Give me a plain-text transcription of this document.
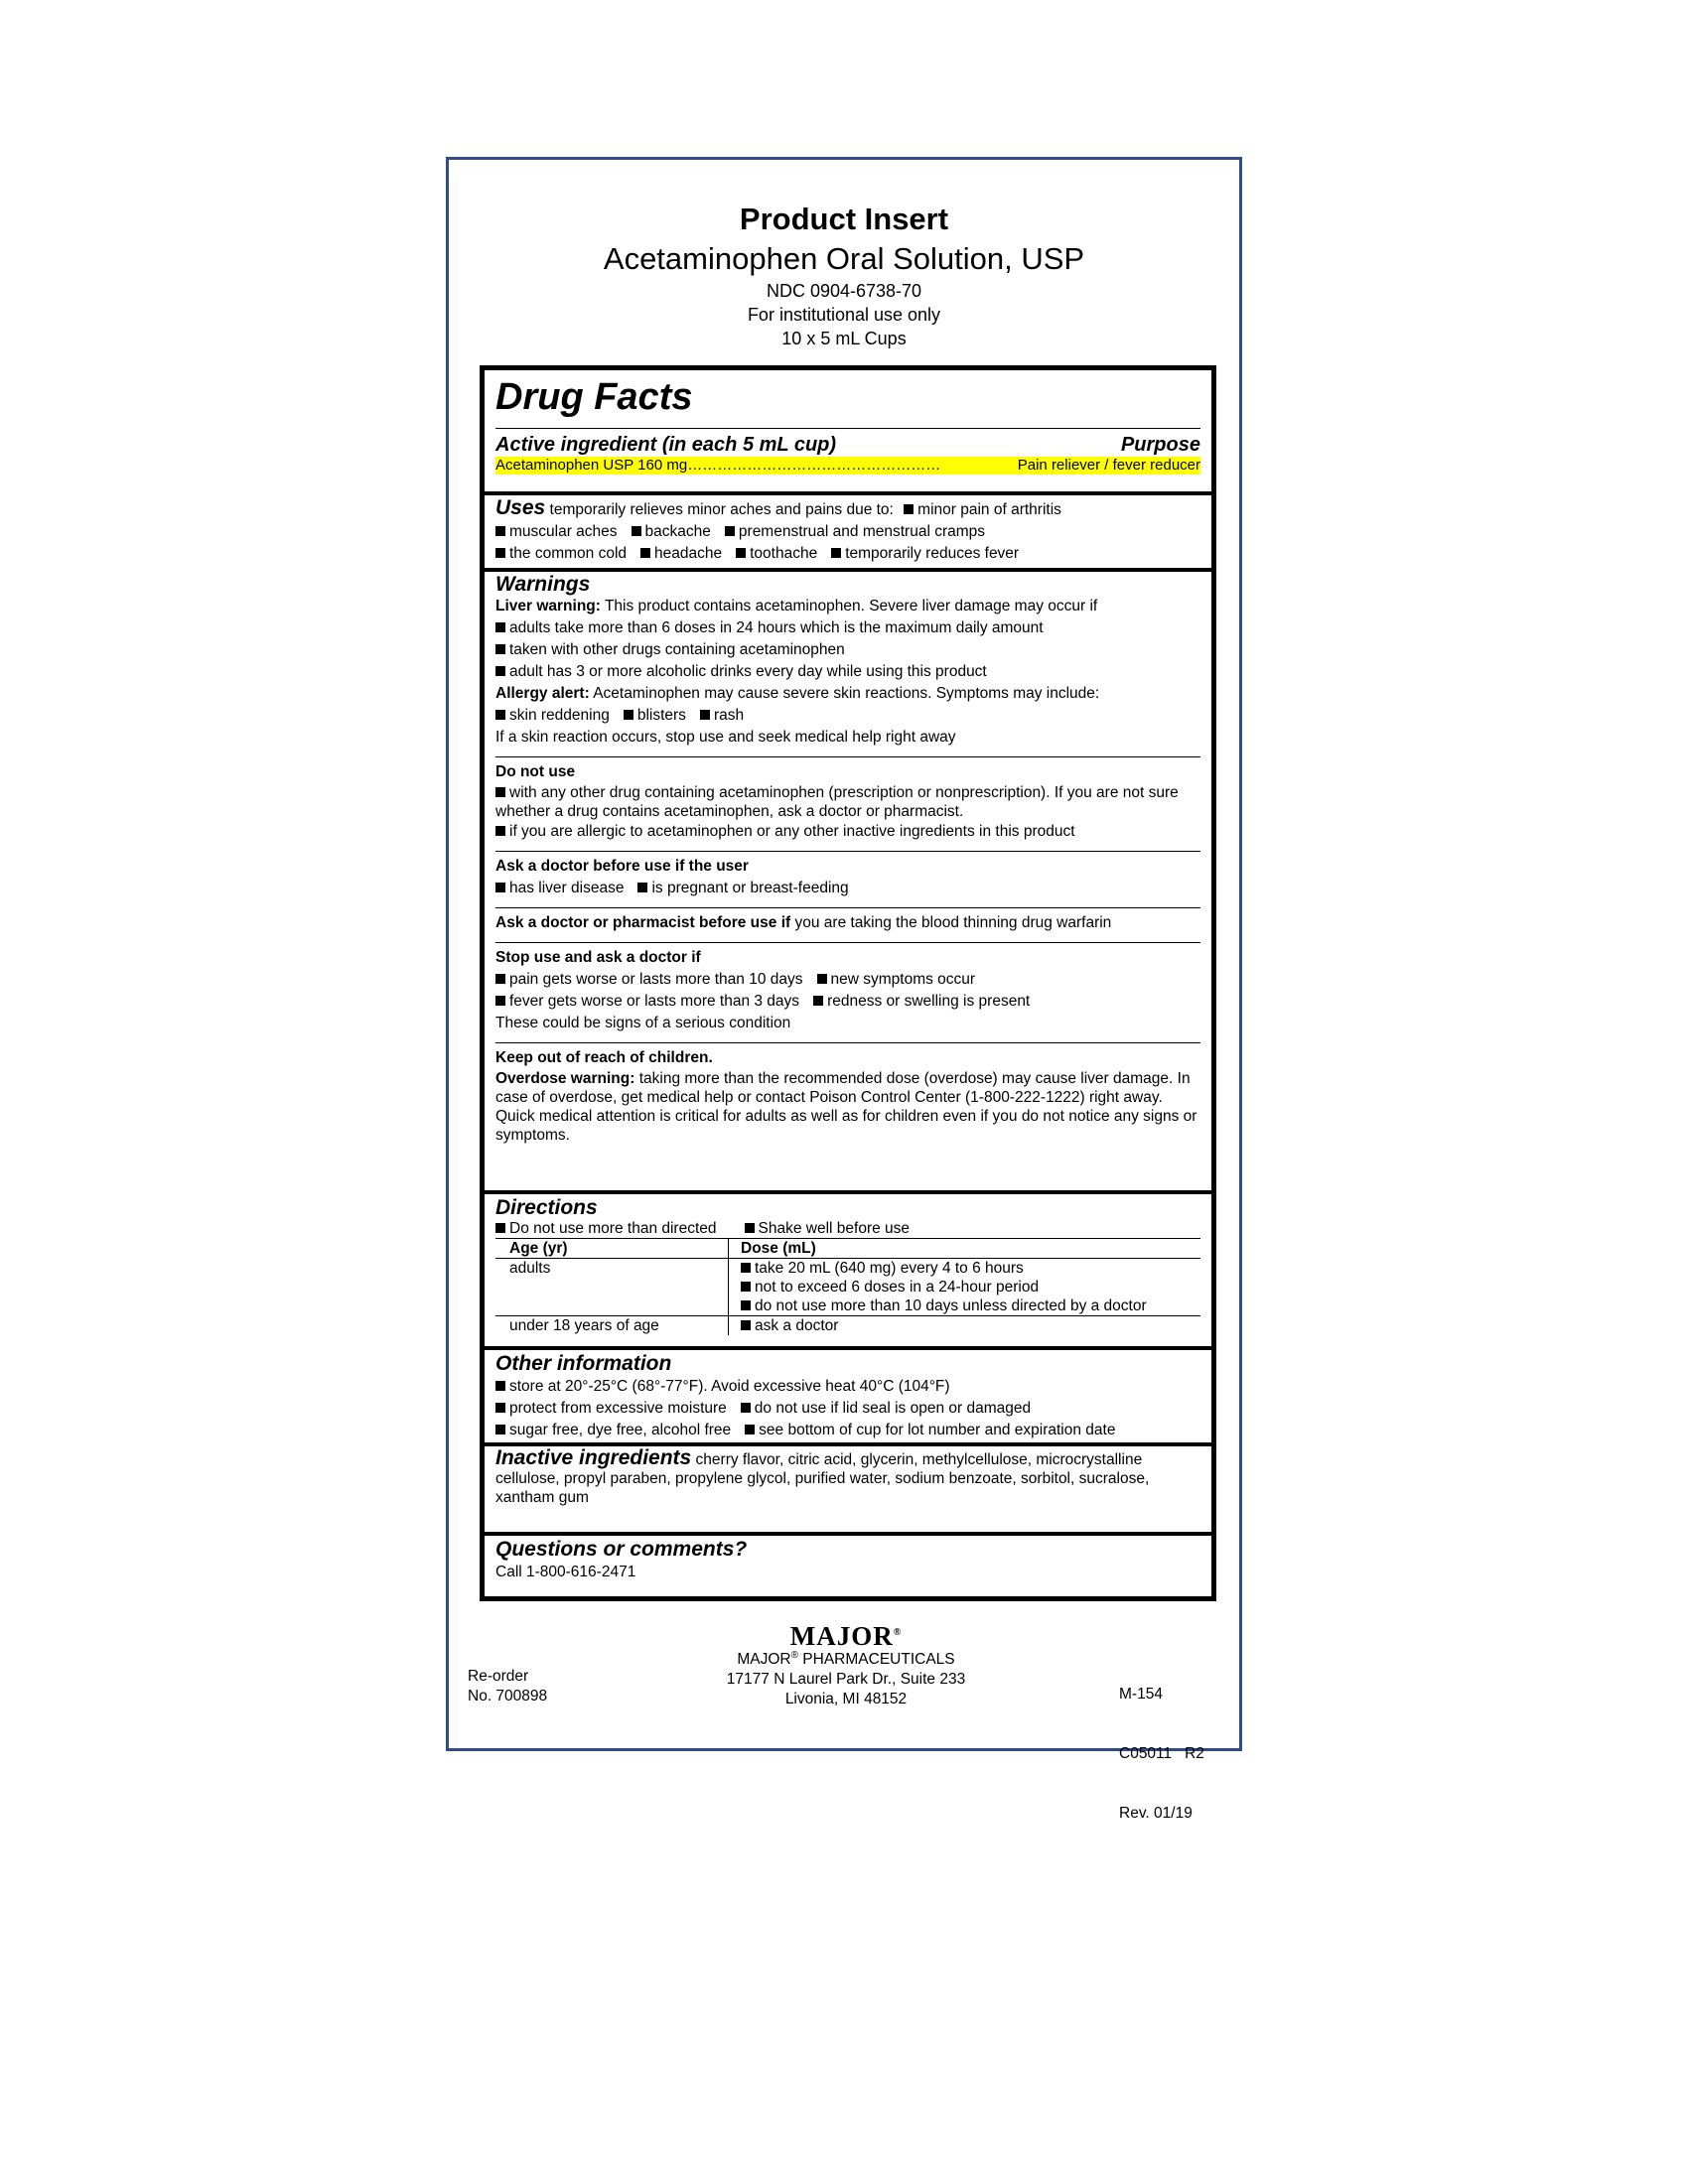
Product Insert
Acetaminophen Oral Solution, USP
NDC 0904-6738-70
For institutional use only
10 x 5 mL Cups
Drug Facts
Active ingredient (in each 5 mL cup)	Purpose
Acetaminophen USP 160 mg……………………………………………	Pain reliever / fever reducer
Uses temporarily relieves minor aches and pains due to: minor pain of arthritis
muscular aches backache premenstrual and menstrual cramps
the common cold headache toothache temporarily reduces fever
Warnings
Liver warning: This product contains acetaminophen. Severe liver damage may occur if
adults take more than 6 doses in 24 hours which is the maximum daily amount
taken with other drugs containing acetaminophen
adult has 3 or more alcoholic drinks every day while using this product
Allergy alert: Acetaminophen may cause severe skin reactions. Symptoms may include:
skin reddening blisters rash
If a skin reaction occurs, stop use and seek medical help right away
Do not use
with any other drug containing acetaminophen (prescription or nonprescription). If you are not sure whether a drug contains acetaminophen, ask a doctor or pharmacist.
if you are allergic to acetaminophen or any other inactive ingredients in this product
Ask a doctor before use if the user
has liver disease is pregnant or breast-feeding
Ask a doctor or pharmacist before use if you are taking the blood thinning drug warfarin
Stop use and ask a doctor if
pain gets worse or lasts more than 10 days new symptoms occur
fever gets worse or lasts more than 3 days redness or swelling is present
These could be signs of a serious condition
Keep out of reach of children.
Overdose warning: taking more than the recommended dose (overdose) may cause liver damage. In case of overdose, get medical help or contact Poison Control Center (1-800-222-1222) right away. Quick medical attention is critical for adults as well as for children even if you do not notice any signs or symptoms.
Directions
Do not use more than directed	Shake well before use
Age (yr)	Dose (mL)
adults	take 20 mL (640 mg) every 4 to 6 hours
not to exceed 6 doses in a 24-hour period
do not use more than 10 days unless directed by a doctor

under 18 years of age	ask a doctor
Other information
store at 20°-25°C (68°-77°F). Avoid excessive heat 40°C (104°F)
protect from excessive moisture do not use if lid seal is open or damaged
sugar free, dye free, alcohol free see bottom of cup for lot number and expiration date
Inactive ingredients cherry flavor, citric acid, glycerin, methylcellulose, microcrystalline cellulose, propyl paraben, propylene glycol, purified water, sodium benzoate, sorbitol, sucralose, xantham gum
Questions or comments?
Call 1-800-616-2471
Re-order
No. 700898
MAJOR®
MAJOR® PHARMACEUTICALS
17177 N Laurel Park Dr., Suite 233
Livonia, MI 48152

	M-154

C05011   R2

Rev. 01/19
